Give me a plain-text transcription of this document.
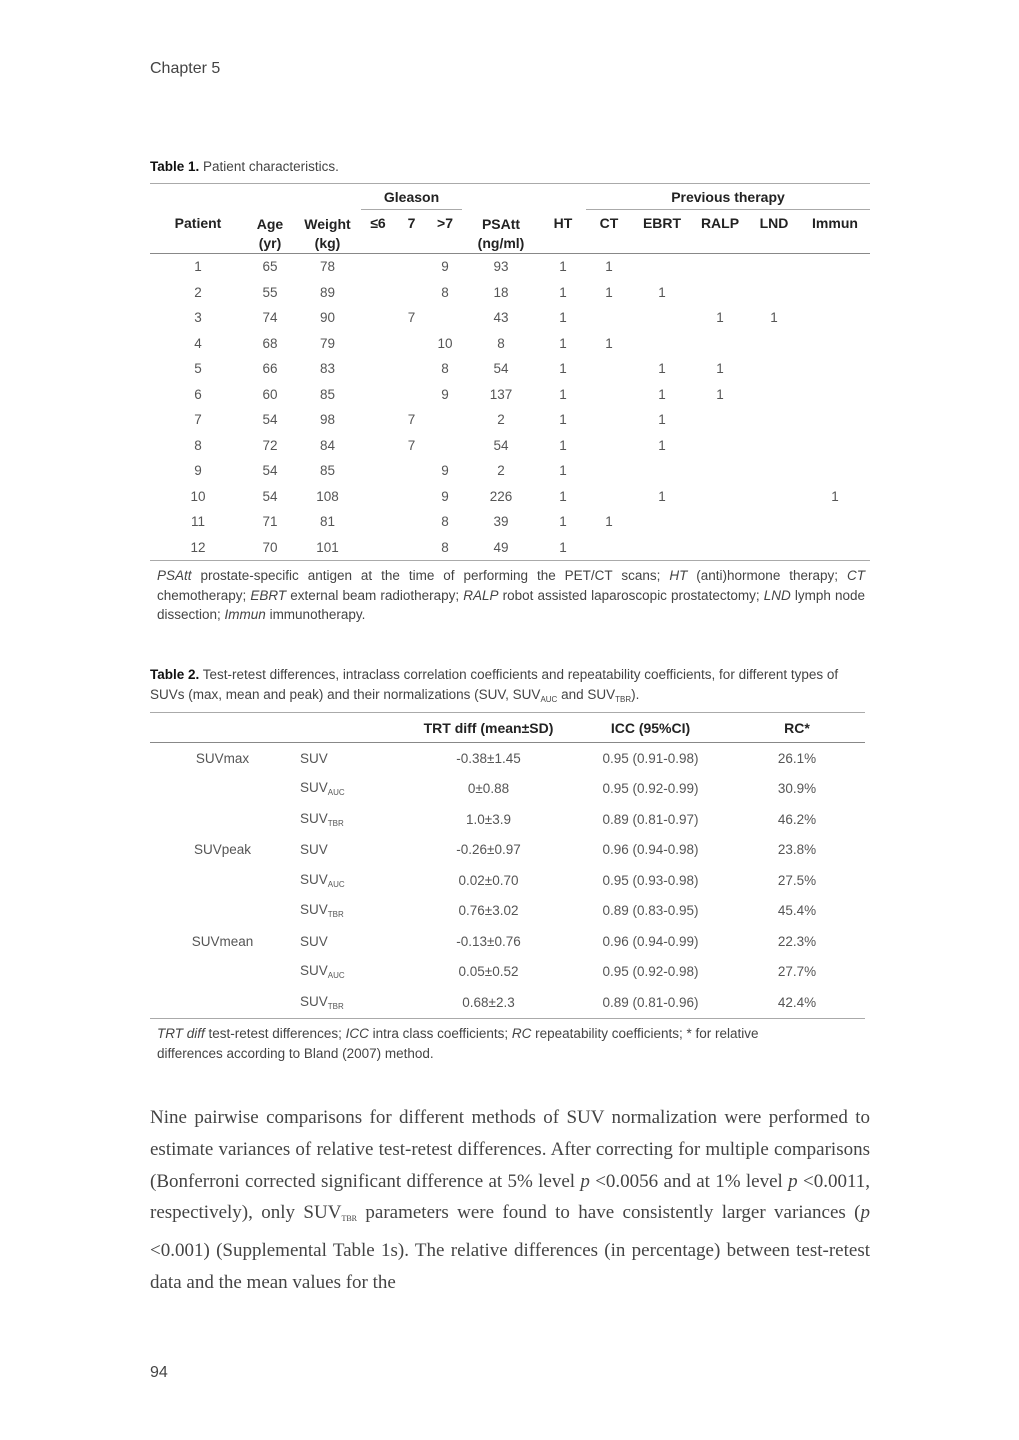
Chapter 5
Table 1. Patient characteristics.
			Gleason					Previous therapy				
Patient	Age (yr)	Weight (kg)	≤6	7	>7	PSAtt (ng/ml)	HT	CT	EBRT	RALP	LND	Immun
1	65	78			9	93	1	1				
2	55	89			8	18	1	1	1			
3	74	90		7		43	1			1	1	
4	68	79			10	8	1	1				
5	66	83			8	54	1		1	1		
6	60	85			9	137	1		1	1		
7	54	98		7		2	1		1			
8	72	84		7		54	1		1			
9	54	85			9	2	1					
10	54	108			9	226	1		1			1
11	71	81			8	39	1	1				
12	70	101			8	49	1					
PSAtt prostate-specific antigen at the time of performing the PET/CT scans; HT (anti)hormone therapy; CT chemotherapy; EBRT external beam radiotherapy; RALP robot assisted laparoscopic prostatectomy; LND lymph node dissection; Immun immunotherapy.
Table 2. Test-retest differences, intraclass correlation coefficients and repeatability coefficients, for different types of SUVs (max, mean and peak) and their normalizations (SUV, $SUV_{AUC}$ and $SUV_{TBR}$).
		TRT diff (mean±SD)	ICC (95%CI)	RC*
SUVmax	SUV	-0.38±1.45	0.95 (0.91-0.98)	26.1%
	$SUV_{AUC}$	0±0.88	0.95 (0.92-0.99)	30.9%
	$SUV_{TBR}$	1.0±3.9	0.89 (0.81-0.97)	46.2%
SUVpeak	SUV	-0.26±0.97	0.96 (0.94-0.98)	23.8%
	$SUV_{AUC}$	0.02±0.70	0.95 (0.93-0.98)	27.5%
	$SUV_{TBR}$	0.76±3.02	0.89 (0.83-0.95)	45.4%
SUVmean	SUV	-0.13±0.76	0.96 (0.94-0.99)	22.3%
	$SUV_{AUC}$	0.05±0.52	0.95 (0.92-0.98)	27.7%
	$SUV_{TBR}$	0.68±2.3	0.89 (0.81-0.96)	42.4%
TRT diff test-retest differences; ICC intra class coefficients; RC repeatability coefficients; * for relative differences according to Bland (2007) method.
Nine pairwise comparisons for different methods of SUV normalization were performed to estimate variances of relative test-retest differences. After correcting for multiple comparisons (Bonferroni corrected significant difference at 5% level p <0.0056 and at 1% level p <0.0011, respectively), only $SUV_{TBR}$ parameters were found to have consistently larger variances (p <0.001) (Supplemental Table 1s). The relative differences (in percentage) between test-retest data and the mean values for the
94
